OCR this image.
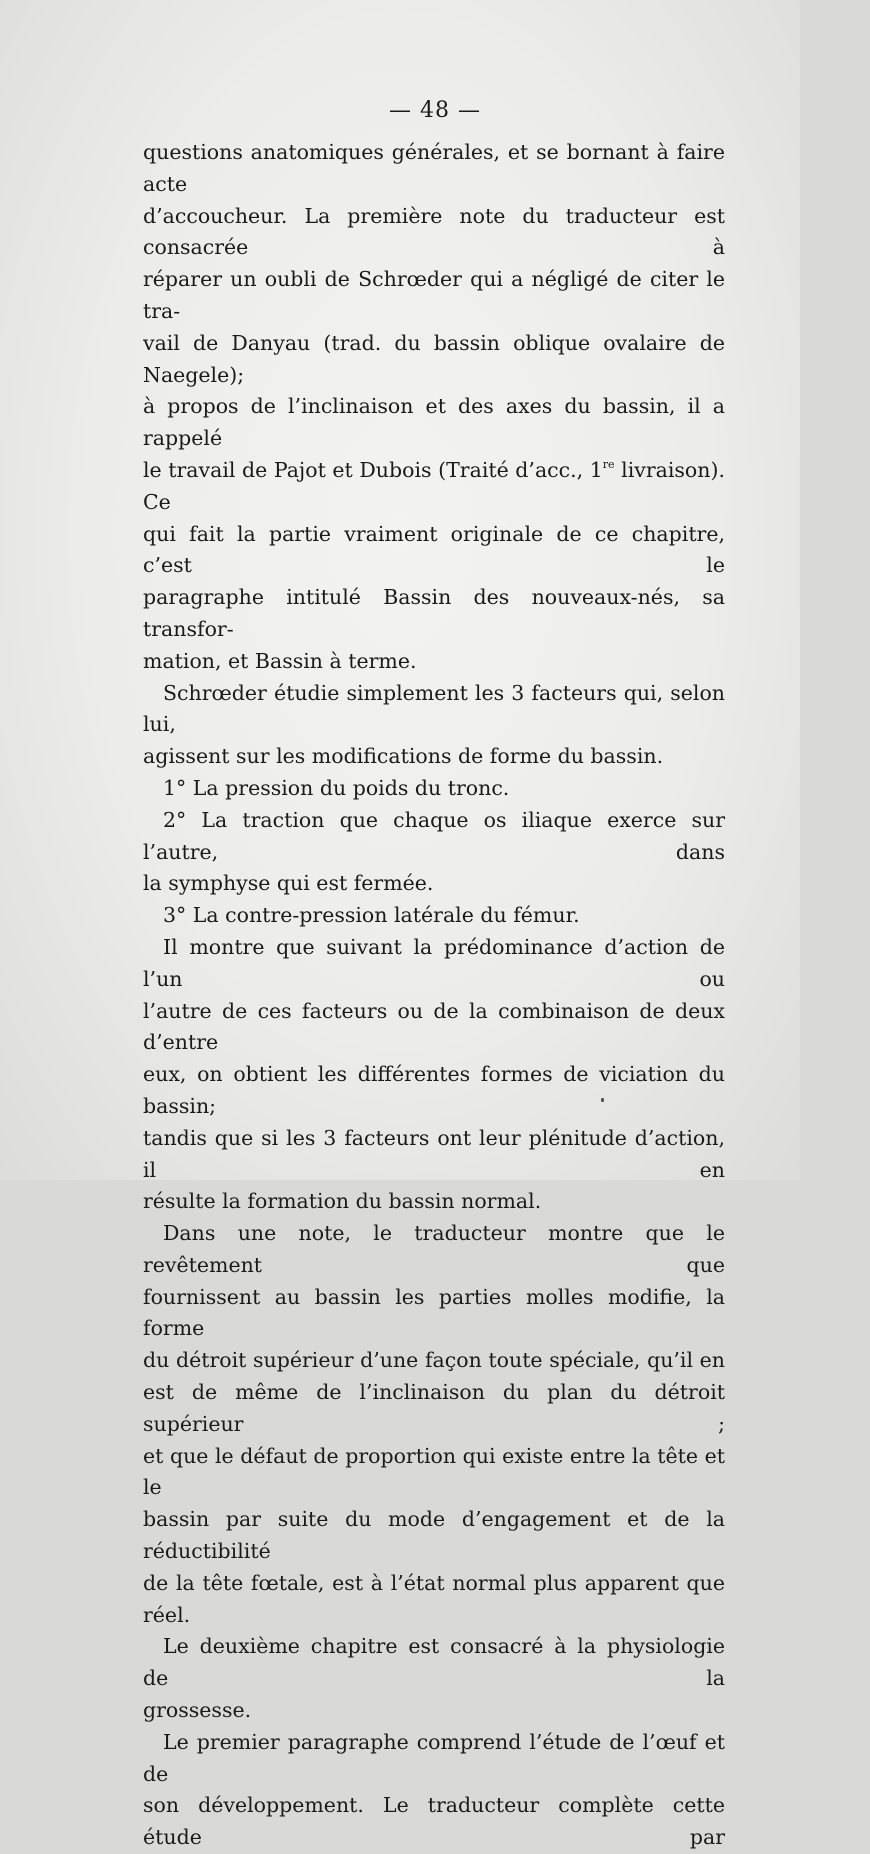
— 48 —

questions anatomiques générales, et se bornant à faire acte

d’accoucheur. La première note du traducteur est consacrée à

réparer un oubli de Schrœder qui a négligé de citer le tra-

vail de Danyau (trad. du bassin oblique ovalaire de Naegele);

à propos de l’inclinaison et des axes du bassin, il a rappelé

le travail de Pajot et Dubois (Traité d’acc., 1re livraison). Ce

qui fait la partie vraiment originale de ce chapitre, c’est le

paragraphe intitulé Bassin des nouveaux-nés, sa transfor-

mation, et Bassin à terme.

Schrœder étudie simplement les 3 facteurs qui, selon lui,

agissent sur les modifications de forme du bassin.

1° La pression du poids du tronc.

2° La traction que chaque os iliaque exerce sur l’autre, dans

la symphyse qui est fermée.

3° La contre-pression latérale du fémur.

Il montre que suivant la prédominance d’action de l’un ou

l’autre de ces facteurs ou de la combinaison de deux d’entre

eux, on obtient les différentes formes de viciation du bassin;

tandis que si les 3 facteurs ont leur plénitude d’action, il en

résulte la formation du bassin normal.

Dans une note, le traducteur montre que le revêtement que

fournissent au bassin les parties molles modifie, la forme

du détroit supérieur d’une façon toute spéciale, qu’il en

est de même de l’inclinaison du plan du détroit supérieur ;

et que le défaut de proportion qui existe entre la tête et le

bassin par suite du mode d’engagement et de la réductibilité

de la tête fœtale, est à l’état normal plus apparent que réel.

Le deuxième chapitre est consacré à la physiologie de la

grossesse.

Le premier paragraphe comprend l’étude de l’œuf et de

son développement. Le traducteur complète cette étude par
